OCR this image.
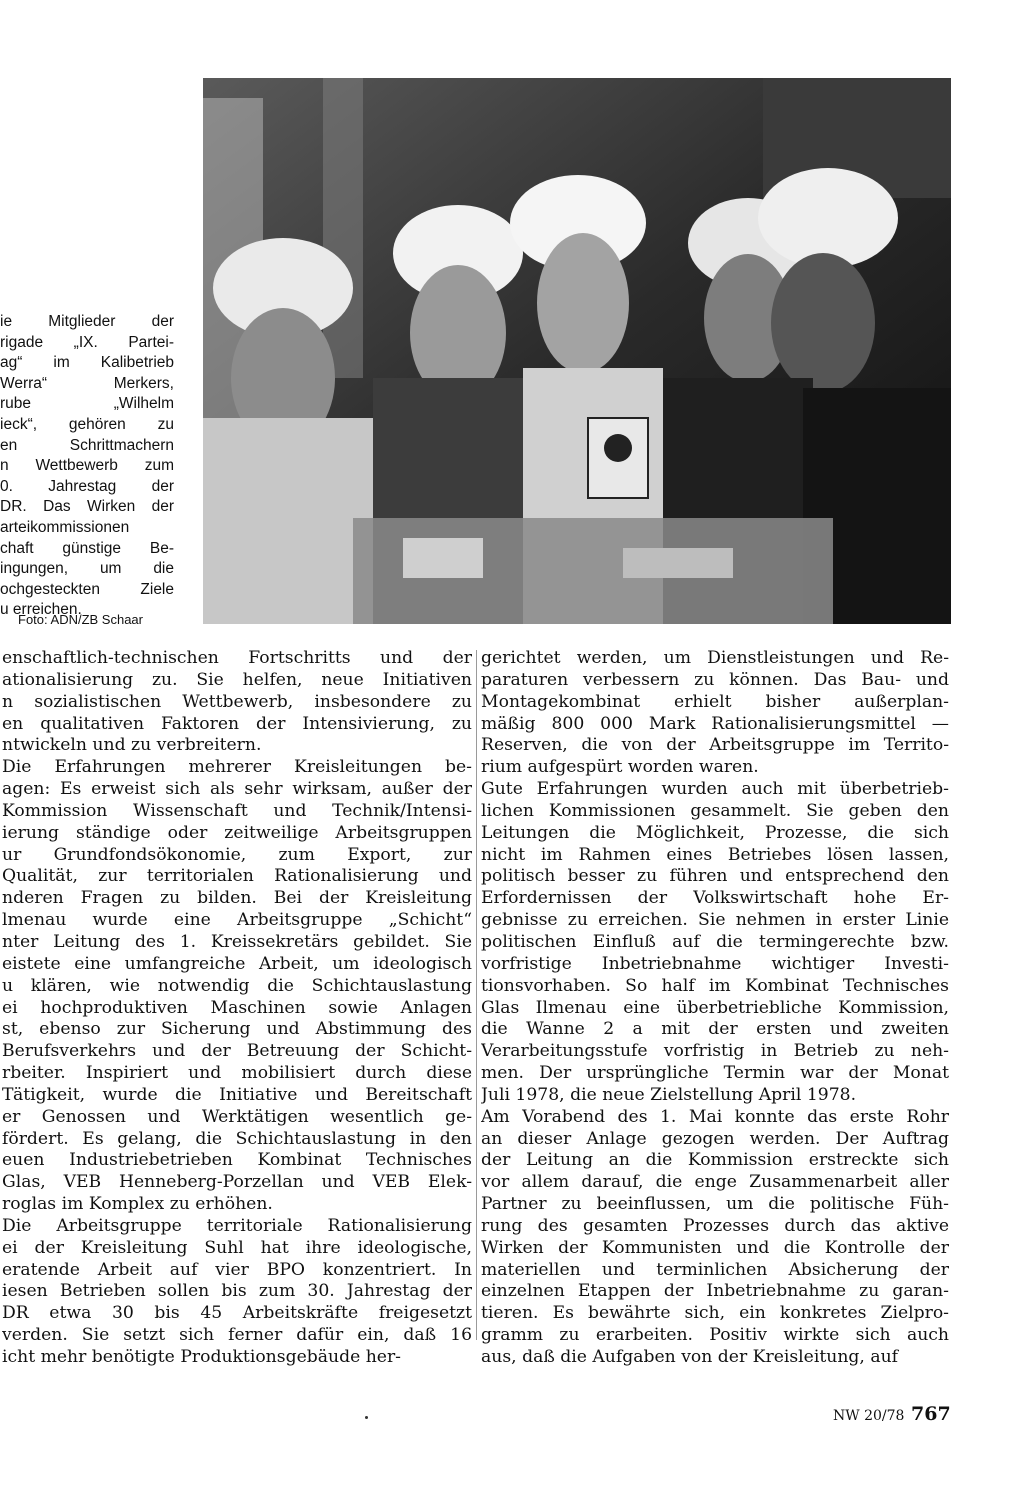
ie Mitglieder der
rigade „IX. Partei-
ag“ im Kalibetrieb
Werra“ Merkers,
rube „Wilhelm
ieck“, gehören zu
en Schrittmachern
n Wettbewerb zum
0. Jahrestag der
DR. Das Wirken der
arteikommissionen
chaft günstige Be-
ingungen, um die
ochgesteckten Ziele
u erreichen.
Foto: ADN/ZB Schaar
enschaftlich-technischen Fortschritts und der
ationalisierung zu. Sie helfen, neue Initiativen
n sozialistischen Wettbewerb, insbesondere zu
en qualitativen Faktoren der Intensivierung, zu
ntwickeln und zu verbreitern.
Die Erfahrungen mehrerer Kreisleitungen be-
agen: Es erweist sich als sehr wirksam, außer der
Kommission Wissenschaft und Technik/Intensi-
ierung ständige oder zeitweilige Arbeitsgruppen
ur Grundfondsökonomie, zum Export, zur
Qualität, zur territorialen Rationalisierung und
nderen Fragen zu bilden. Bei der Kreisleitung
lmenau wurde eine Arbeitsgruppe „Schicht“
nter Leitung des 1. Kreissekretärs gebildet. Sie
eistete eine umfangreiche Arbeit, um ideologisch
u klären, wie notwendig die Schichtauslastung
ei hochproduktiven Maschinen sowie Anlagen
st, ebenso zur Sicherung und Abstimmung des
Berufsverkehrs und der Betreuung der Schicht-
rbeiter. Inspiriert und mobilisiert durch diese
Tätigkeit, wurde die Initiative und Bereitschaft
er Genossen und Werktätigen wesentlich ge-
fördert. Es gelang, die Schichtauslastung in den
euen Industriebetrieben Kombinat Technisches
Glas, VEB Henneberg-Porzellan und VEB Elek-
roglas im Komplex zu erhöhen.
Die Arbeitsgruppe territoriale Rationalisierung
ei der Kreisleitung Suhl hat ihre ideologische,
eratende Arbeit auf vier BPO konzentriert. In
iesen Betrieben sollen bis zum 30. Jahrestag der
DR etwa 30 bis 45 Arbeitskräfte freigesetzt
verden. Sie setzt sich ferner dafür ein, daß 16
icht mehr benötigte Produktionsgebäude her-
gerichtet werden, um Dienstleistungen und Re-
paraturen verbessern zu können. Das Bau- und
Montagekombinat erhielt bisher außerplan-
mäßig 800 000 Mark Rationalisierungsmittel —
Reserven, die von der Arbeitsgruppe im Territo-
rium aufgespürt worden waren.
Gute Erfahrungen wurden auch mit überbetrieb-
lichen Kommissionen gesammelt. Sie geben den
Leitungen die Möglichkeit, Prozesse, die sich
nicht im Rahmen eines Betriebes lösen lassen,
politisch besser zu führen und entsprechend den
Erfordernissen der Volkswirtschaft hohe Er-
gebnisse zu erreichen. Sie nehmen in erster Linie
politischen Einfluß auf die termingerechte bzw.
vorfristige Inbetriebnahme wichtiger Investi-
tionsvorhaben. So half im Kombinat Technisches
Glas Ilmenau eine überbetriebliche Kommission,
die Wanne 2 a mit der ersten und zweiten
Verarbeitungsstufe vorfristig in Betrieb zu neh-
men. Der ursprüngliche Termin war der Monat
Juli 1978, die neue Zielstellung April 1978.
Am Vorabend des 1. Mai konnte das erste Rohr
an dieser Anlage gezogen werden. Der Auftrag
der Leitung an die Kommission erstreckte sich
vor allem darauf, die enge Zusammenarbeit aller
Partner zu beeinflussen, um die politische Füh-
rung des gesamten Prozesses durch das aktive
Wirken der Kommunisten und die Kontrolle der
materiellen und terminlichen Absicherung der
einzelnen Etappen der Inbetriebnahme zu garan-
tieren. Es bewährte sich, ein konkretes Zielpro-
gramm zu erarbeiten. Positiv wirkte sich auch
aus, daß die Aufgaben von der Kreisleitung, auf
NW 20/78 767
